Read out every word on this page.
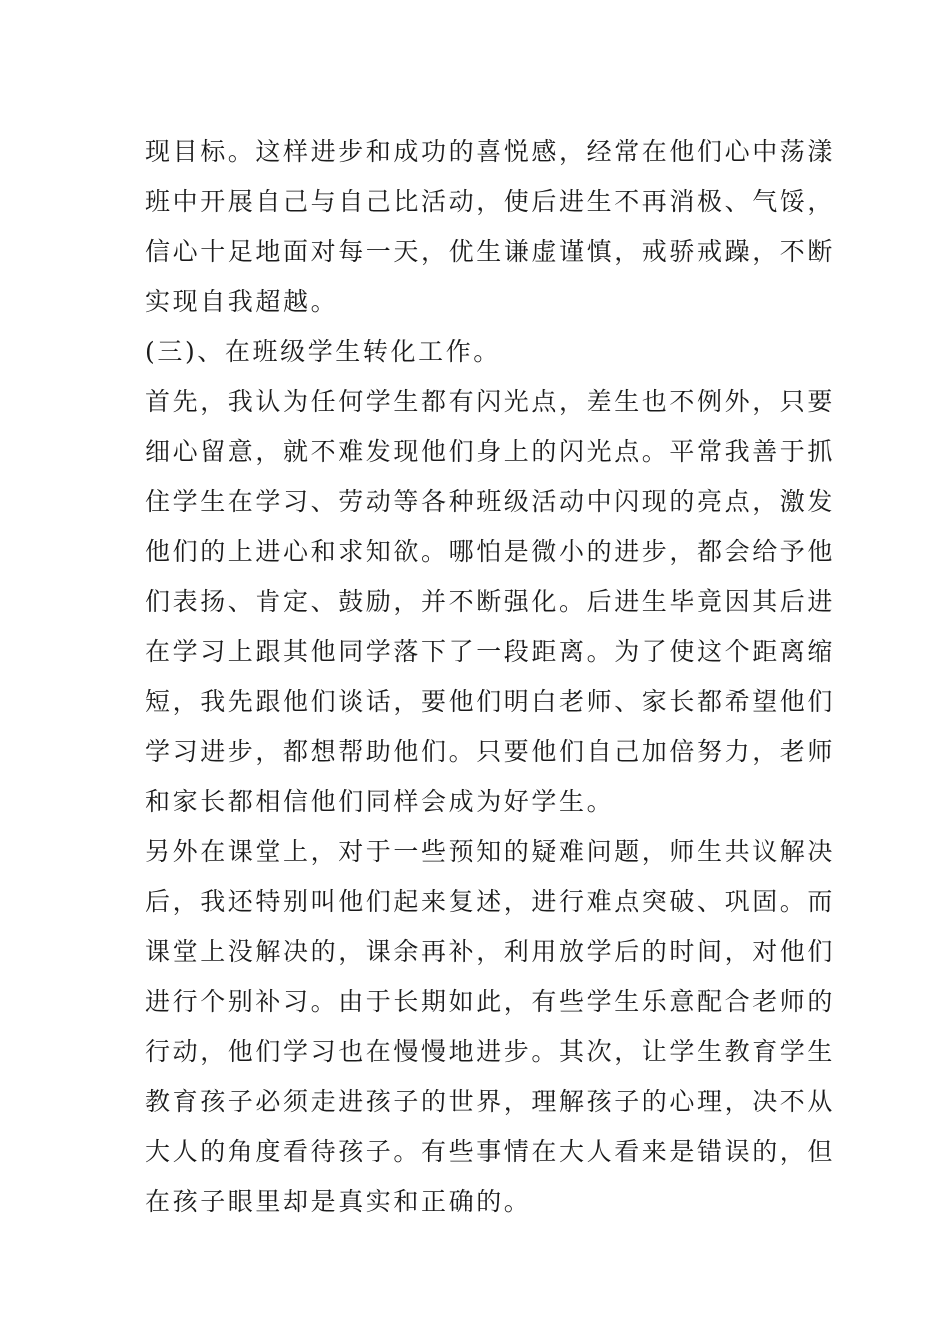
现目标。这样进步和成功的喜悦感，经常在他们心中荡漾
班中开展自己与自己比活动，使后进生不再消极、气馁，
信心十足地面对每一天，优生谦虚谨慎，戒骄戒躁，不断
实现自我超越。
(三)、在班级学生转化工作。
首先，我认为任何学生都有闪光点，差生也不例外，只要
细心留意，就不难发现他们身上的闪光点。平常我善于抓
住学生在学习、劳动等各种班级活动中闪现的亮点，激发
他们的上进心和求知欲。哪怕是微小的进步，都会给予他
们表扬、肯定、鼓励，并不断强化。后进生毕竟因其后进
在学习上跟其他同学落下了一段距离。为了使这个距离缩
短，我先跟他们谈话，要他们明白老师、家长都希望他们
学习进步，都想帮助他们。只要他们自己加倍努力，老师
和家长都相信他们同样会成为好学生。
另外在课堂上，对于一些预知的疑难问题，师生共议解决
后，我还特别叫他们起来复述，进行难点突破、巩固。而
课堂上没解决的，课余再补，利用放学后的时间，对他们
进行个别补习。由于长期如此，有些学生乐意配合老师的
行动，他们学习也在慢慢地进步。其次，让学生教育学生
教育孩子必须走进孩子的世界，理解孩子的心理，决不从
大人的角度看待孩子。有些事情在大人看来是错误的，但
在孩子眼里却是真实和正确的。
